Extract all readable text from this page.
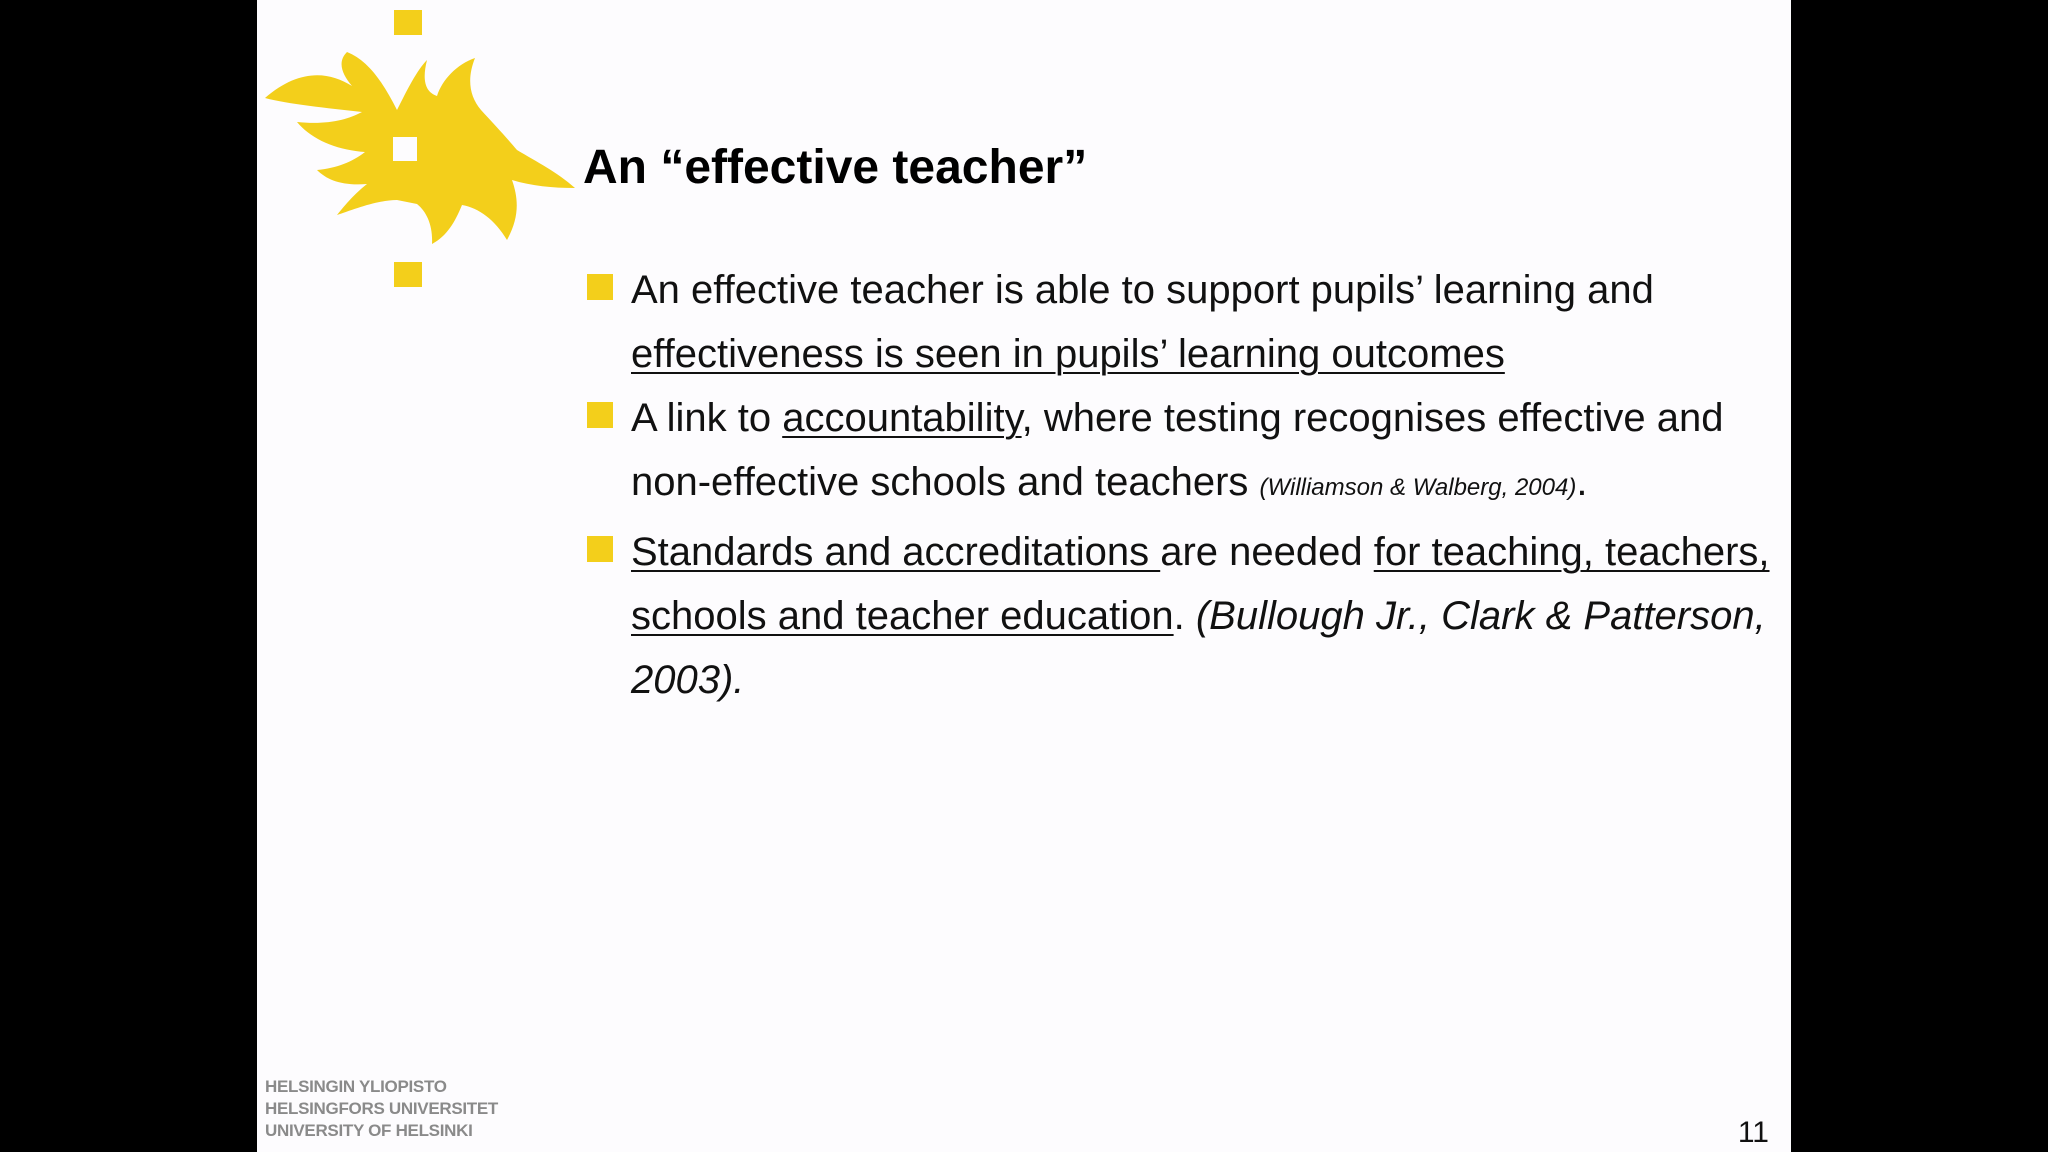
An “effective teacher”
An effective teacher is able to support pupils’ learning and effectiveness is seen in pupils’ learning outcomes
A link to accountability, where testing recognises effective and non-effective schools and teachers (Williamson & Walberg, 2004).
Standards and accreditations are needed for teaching, teachers, schools and teacher education. (Bullough Jr., Clark & Patterson, 2003).
HELSINGIN YLIOPISTO
HELSINGFORS UNIVERSITET
UNIVERSITY OF HELSINKI	11
